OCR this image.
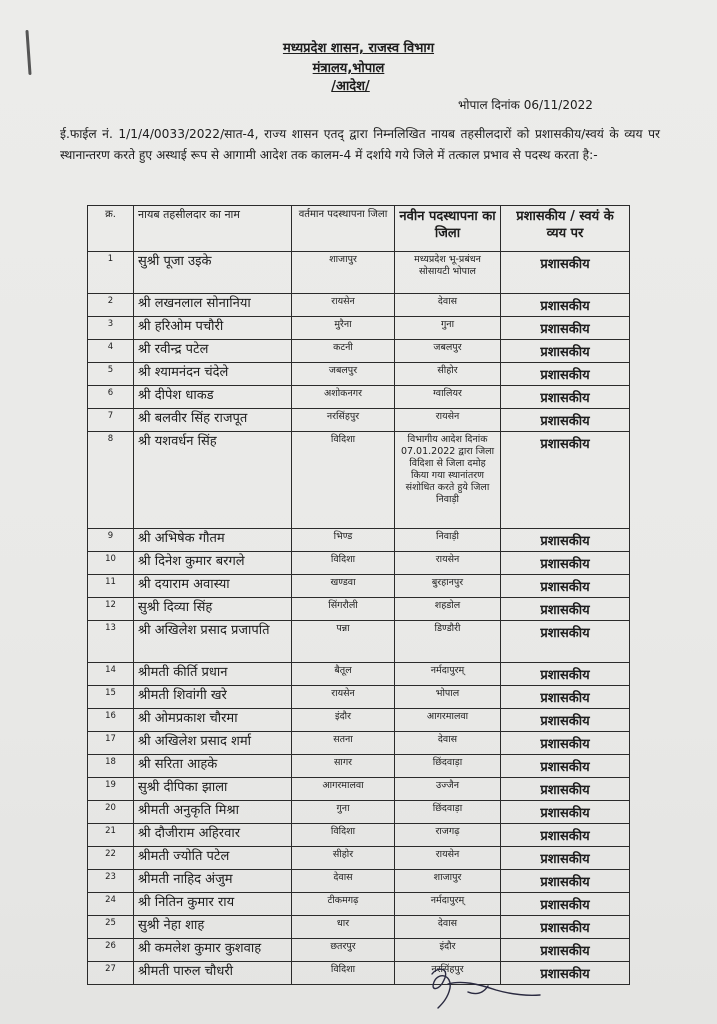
मध्यप्रदेश शासन, राजस्व विभाग
मंत्रालय,भोपाल
/आदेश/
भोपाल दिनांक 06/11/2022
ई.फाईल नं. 1/1/4/0033/2022/सात-4, राज्य शासन एतद् द्वारा निम्नलिखित नायब तहसीलदारों को प्रशासकीय/स्वयं के व्यय पर स्थानान्तरण करते हुए अस्थाई रूप से आगामी आदेश तक कालम-4 में दर्शाये गये जिले में तत्काल प्रभाव से पदस्थ करता है:-
क्र.	नायब तहसीलदार का नाम	वर्तमान पदस्थापना जिला	नवीन पदस्थापना का जिला	प्रशासकीय / स्वयं के व्यय पर
1	सुश्री पूजा उइके	शाजापुर	मध्यप्रदेश भू-प्रबंधन सोसायटी भोपाल	प्रशासकीय
2	श्री लखनलाल सोनानिया	रायसेन	देवास	प्रशासकीय
3	श्री हरिओम पचौरी	मुरैना	गुना	प्रशासकीय
4	श्री रवीन्द्र पटेल	कटनी	जबलपुर	प्रशासकीय
5	श्री श्यामनंदन चंदेले	जबलपुर	सीहोर	प्रशासकीय
6	श्री दीपेश धाकड	अशोकनगर	ग्वालियर	प्रशासकीय
7	श्री बलवीर सिंह राजपूत	नरसिंहपुर	रायसेन	प्रशासकीय
8	श्री यशवर्धन सिंह	विदिशा	विभागीय आदेश दिनांक 07.01.2022 द्वारा जिला विदिशा से जिला दमोह किया गया स्थानांतरण संशोधित करते हुये जिला निवाड़ी	प्रशासकीय
9	श्री अभिषेक गौतम	भिण्ड	निवाड़ी	प्रशासकीय
10	श्री दिनेश कुमार बरगले	विदिशा	रायसेन	प्रशासकीय
11	श्री दयाराम अवास्या	खण्डवा	बुरहानपुर	प्रशासकीय
12	सुश्री दिव्या सिंह	सिंगरौली	शहडोल	प्रशासकीय
13	श्री अखिलेश प्रसाद प्रजापति	पन्ना	डिण्डौरी	प्रशासकीय
14	श्रीमती कीर्ति प्रधान	बैतूल	नर्मदापुरम्	प्रशासकीय
15	श्रीमती शिवांगी खरे	रायसेन	भोपाल	प्रशासकीय
16	श्री ओमप्रकाश चौरमा	इंदौर	आगरमालवा	प्रशासकीय
17	श्री अखिलेश प्रसाद शर्मा	सतना	देवास	प्रशासकीय
18	श्री सरिता आहके	सागर	छिंदवाड़ा	प्रशासकीय
19	सुश्री दीपिका झाला	आगरमालवा	उज्जैन	प्रशासकीय
20	श्रीमती अनुकृति मिश्रा	गुना	छिंदवाड़ा	प्रशासकीय
21	श्री दौजीराम अहिरवार	विदिशा	राजगढ़	प्रशासकीय
22	श्रीमती ज्योति पटेल	सीहोर	रायसेन	प्रशासकीय
23	श्रीमती नाहिद अंजुम	देवास	शाजापुर	प्रशासकीय
24	श्री नितिन कुमार राय	टीकमगढ़	नर्मदापुरम्	प्रशासकीय
25	सुश्री नेहा शाह	धार	देवास	प्रशासकीय
26	श्री कमलेश कुमार कुशवाह	छतरपुर	इंदौर	प्रशासकीय
27	श्रीमती पारुल चौधरी	विदिशा	नरसिंहपुर	प्रशासकीय
